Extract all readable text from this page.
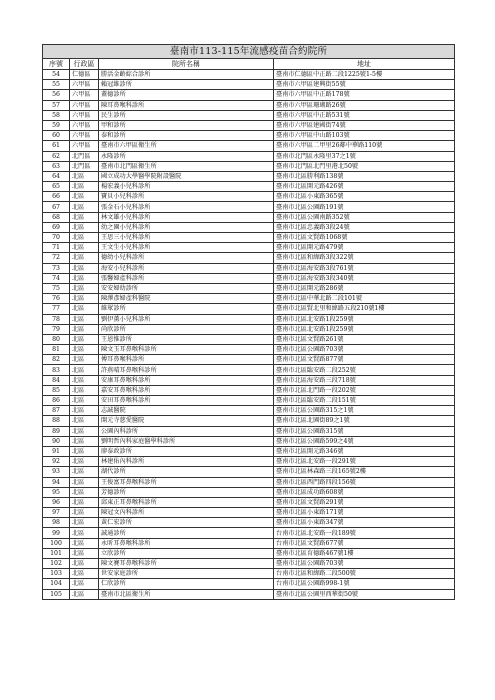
臺南市113-115年流感疫苗合約院所			
序號	行政區	院所名稱	地址
54	仁德區	勝活金齡綜合診所	臺南市仁德區中正路二段1225號1-5樓
55	六甲區	賴冠維診所	臺南市六甲區建興街55號
56	六甲區	蓋德診所	臺南市六甲區中正路178號
57	六甲區	陳耳鼻喉科診所	臺南市六甲區珊瑚路26號
58	六甲區	民生診所	臺南市六甲區中正路531號
59	六甲區	甲和診所	臺南市六甲區建國街74號
60	六甲區	泰和診所	臺南市六甲區中山路103號
61	六甲區	臺南市六甲區衛生所	臺南市六甲區二甲里26鄰中華路110號
62	北門區	永隆診所	臺南市北門區永隆里37之1號
63	北門區	臺南市北門區衛生所	臺南市北門區北門里港北50號
64	北區	國立成功大學醫學院附設醫院	臺南市北區勝利路138號
65	北區	楊宏義小兒科診所	臺南市北區開元路426號
66	北區	寶貝小兒科診所	臺南市北區小東路365號
67	北區	張金石小兒科診所	臺南市北區公園路191號
68	北區	林文雄小兒科診所	臺南市北區公園南路352號
69	北區	幼之園小兒科診所	臺南市北區忠義路3段24號
70	北區	王思三小兒科診所	臺南市北區文賢路1068號
71	北區	王文生小兒科診所	臺南市北區開元路479號
72	北區	德幼小兒科診所	臺南市北區和緯路3段322號
73	北區	海安小兒科診所	臺南市北區海安路3段761號
74	北區	張馨婦產科診所	臺南市北區海安路3段340號
75	北區	安安婦幼診所	臺南市北區開元路286號
76	北區	陳澤彥婦產科醫院	臺南市北區中華北路二段101號
77	北區	維眾診所	臺南市北區賢北里和緯路五段210號1樓
78	北區	劉伊薰小兒科診所	臺南市北區北安路1段259號
79	北區	尚欣診所	臺南市北區北安路1段259號
80	北區	王恩惟診所	臺南市北區文賢路261號
81	北區	陳文玉耳鼻喉科診所	臺南市北區公園路703號
82	北區	傅耳鼻喉科診所	臺南市北區文賢路877號
83	北區	許燕晴耳鼻喉科診所	臺南市北區臨安路二段252號
84	北區	安康耳鼻喉科診所	臺南市北區海安路三段718號
85	北區	嘉安耳鼻喉科診所	臺南市北區北門路一段202號
86	北區	安田耳鼻喉科診所	臺南市北區臨安路二段151號
87	北區	志誠醫院	臺南市北區公園路315之1號
88	北區	開元寺慈愛醫院	臺南市北區北園街89之1號
89	北區	公園內科診所	臺南市北區公園路315號
90	北區	劉明哲內科家庭醫學科診所	臺南市北區公園路599之4號
91	北區	廖泰政診所	臺南市北區開元路346號
92	北區	林建佑內科診所	臺南市北區北安路一段291號
93	北區	湖代診所	臺南市北區林森路三段165號2樓
94	北區	王俊富耳鼻喉科診所	臺南市北區西門路四段156號
95	北區	芳德診所	臺南市北區成功路608號
96	北區	邱東正耳鼻喉科診所	臺南市北區文賢路291號
97	北區	陳冠文內科診所	臺南市北區小東路171號
98	北區	黃仁宏診所	臺南市北區小東路347號
99	北區	誠通診所	台南市北區北安路一段189號
100	北區	永昕耳鼻喉科診所	台南市北區文賢路677號
101	北區	立欣診所	臺南市北區育德路467號1樓
102	北區	陳文賽耳鼻喉科診所	臺南市北區公園路703號
103	北區	世安家庭診所	台南市北區和緯路二段500號
104	北區	仁欣診所	台南市北區公園路998-1號
105	北區	臺南市北區衛生所	臺南市北區公園里西華街50號
